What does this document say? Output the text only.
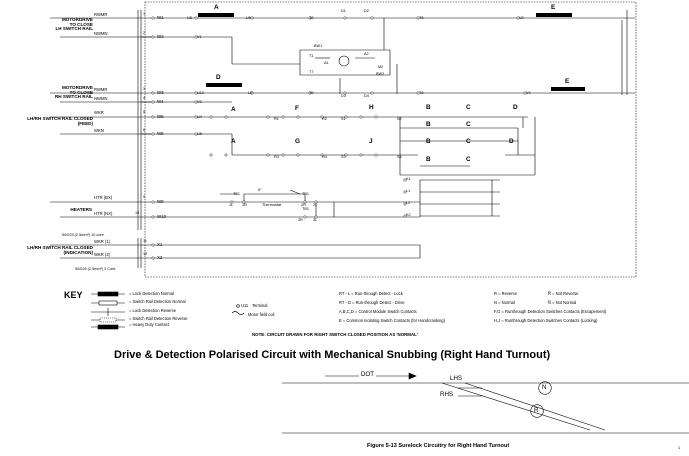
MOTORDRIVE
TO CLOSE
LH SWITCH RAIL
MOTORDRIVE
TO CLOSE
RH SWITCH RAIL
LH/RH SWITCH RAIL CLOSED
(FEED)
HEATERS
50/025 (2.5mm²) 10 core
LH/RH SWITCH RAIL CLOSED
(INDICATION)
50/025 (2.5mm²) 2 Core
RWMR
NWMN
RWMR
NWMN
WKR
WKN
HTR (BX)
HTR (NX)
WKR (1)
WKR (2)
1
2
3
4
5
6
9
10
11
12
W1
W2
W3
W4
W5
W6
W9
W10
X1
X2
U8	U9	T2
D1	D2
T8
V1
V2
U12	U7	T9
D3	D4
T6
V3
V4
U4
U5
R1	R2	S1	S2
R3	R4	S3	S4
1L 1R	2R 2L
3R	3L
K1
L1
L2
K2
T1
T7
M2
A	E
D
E
A	F	H	B	C	D
B	C
A	G	J	B	C	D
B	C
TB1	TB1
TB1
Thermostat
5°
BW1
A1
A2
BW2
KEY	= Lock Detection Normal
= Switch Rail Detection Normal
= Lock Detection Reverse
= Switch Rail Detection Reverse
= Heavy Duty Contact
U11 Terminal
Motor field coil
RT - L = Run-through Detect - Lock
RT - D = Run-through Detect - Drive
A,B,C,D = Control Module Switch Contacts
E = Common Isolating Switch Contacts (for Handcranking)
R = Reverse
N = Normal
F,G = Runthrough Detection Switches Contacts (Escapement)
H,J = Runthrough Detection Switches Contacts (Locking)
R̅ = Not Reverse
N̅ = Not Normal
NOTE: CIRCUIT DRAWN FOR RIGHT SWITCH CLOSED POSITION AS 'NORMAL'
Drive & Detection Polarised Circuit with Mechanical Snubbing (Right Hand Turnout)
DOT
LHS
RHS
N
R
Figure 5-13 Surelock Circuitry for Right Hand Turnout	1
